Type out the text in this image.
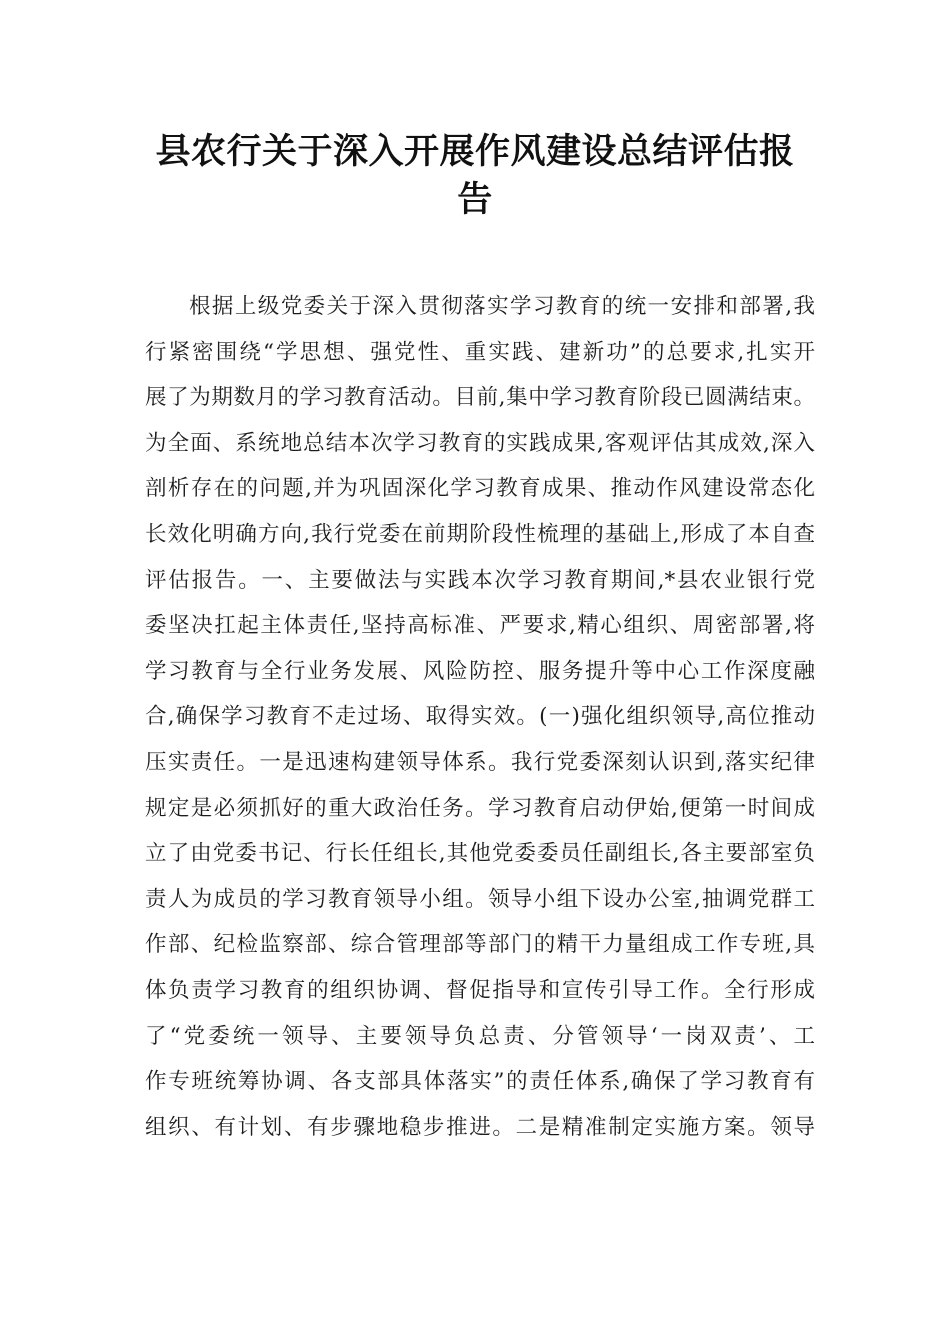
县农行关于深入开展作风建设总结评估报
告
根据上级党委关于深入贯彻落实学习教育的统一安排和部署,我
行紧密围绕“学思想、强党性、重实践、建新功”的总要求,扎实开
展了为期数月的学习教育活动。目前,集中学习教育阶段已圆满结束。
为全面、系统地总结本次学习教育的实践成果,客观评估其成效,深入
剖析存在的问题,并为巩固深化学习教育成果、推动作风建设常态化
长效化明确方向,我行党委在前期阶段性梳理的基础上,形成了本自查
评估报告。一、主要做法与实践本次学习教育期间,*县农业银行党
委坚决扛起主体责任,坚持高标准、严要求,精心组织、周密部署,将
学习教育与全行业务发展、风险防控、服务提升等中心工作深度融
合,确保学习教育不走过场、取得实效。(一)强化组织领导,高位推动
压实责任。一是迅速构建领导体系。我行党委深刻认识到,落实纪律
规定是必须抓好的重大政治任务。学习教育启动伊始,便第一时间成
立了由党委书记、行长任组长,其他党委委员任副组长,各主要部室负
责人为成员的学习教育领导小组。领导小组下设办公室,抽调党群工
作部、纪检监察部、综合管理部等部门的精干力量组成工作专班,具
体负责学习教育的组织协调、督促指导和宣传引导工作。全行形成
了“党委统一领导、主要领导负总责、分管领导‘一岗双责’、工
作专班统筹协调、各支部具体落实”的责任体系,确保了学习教育有
组织、有计划、有步骤地稳步推进。二是精准制定实施方案。领导
